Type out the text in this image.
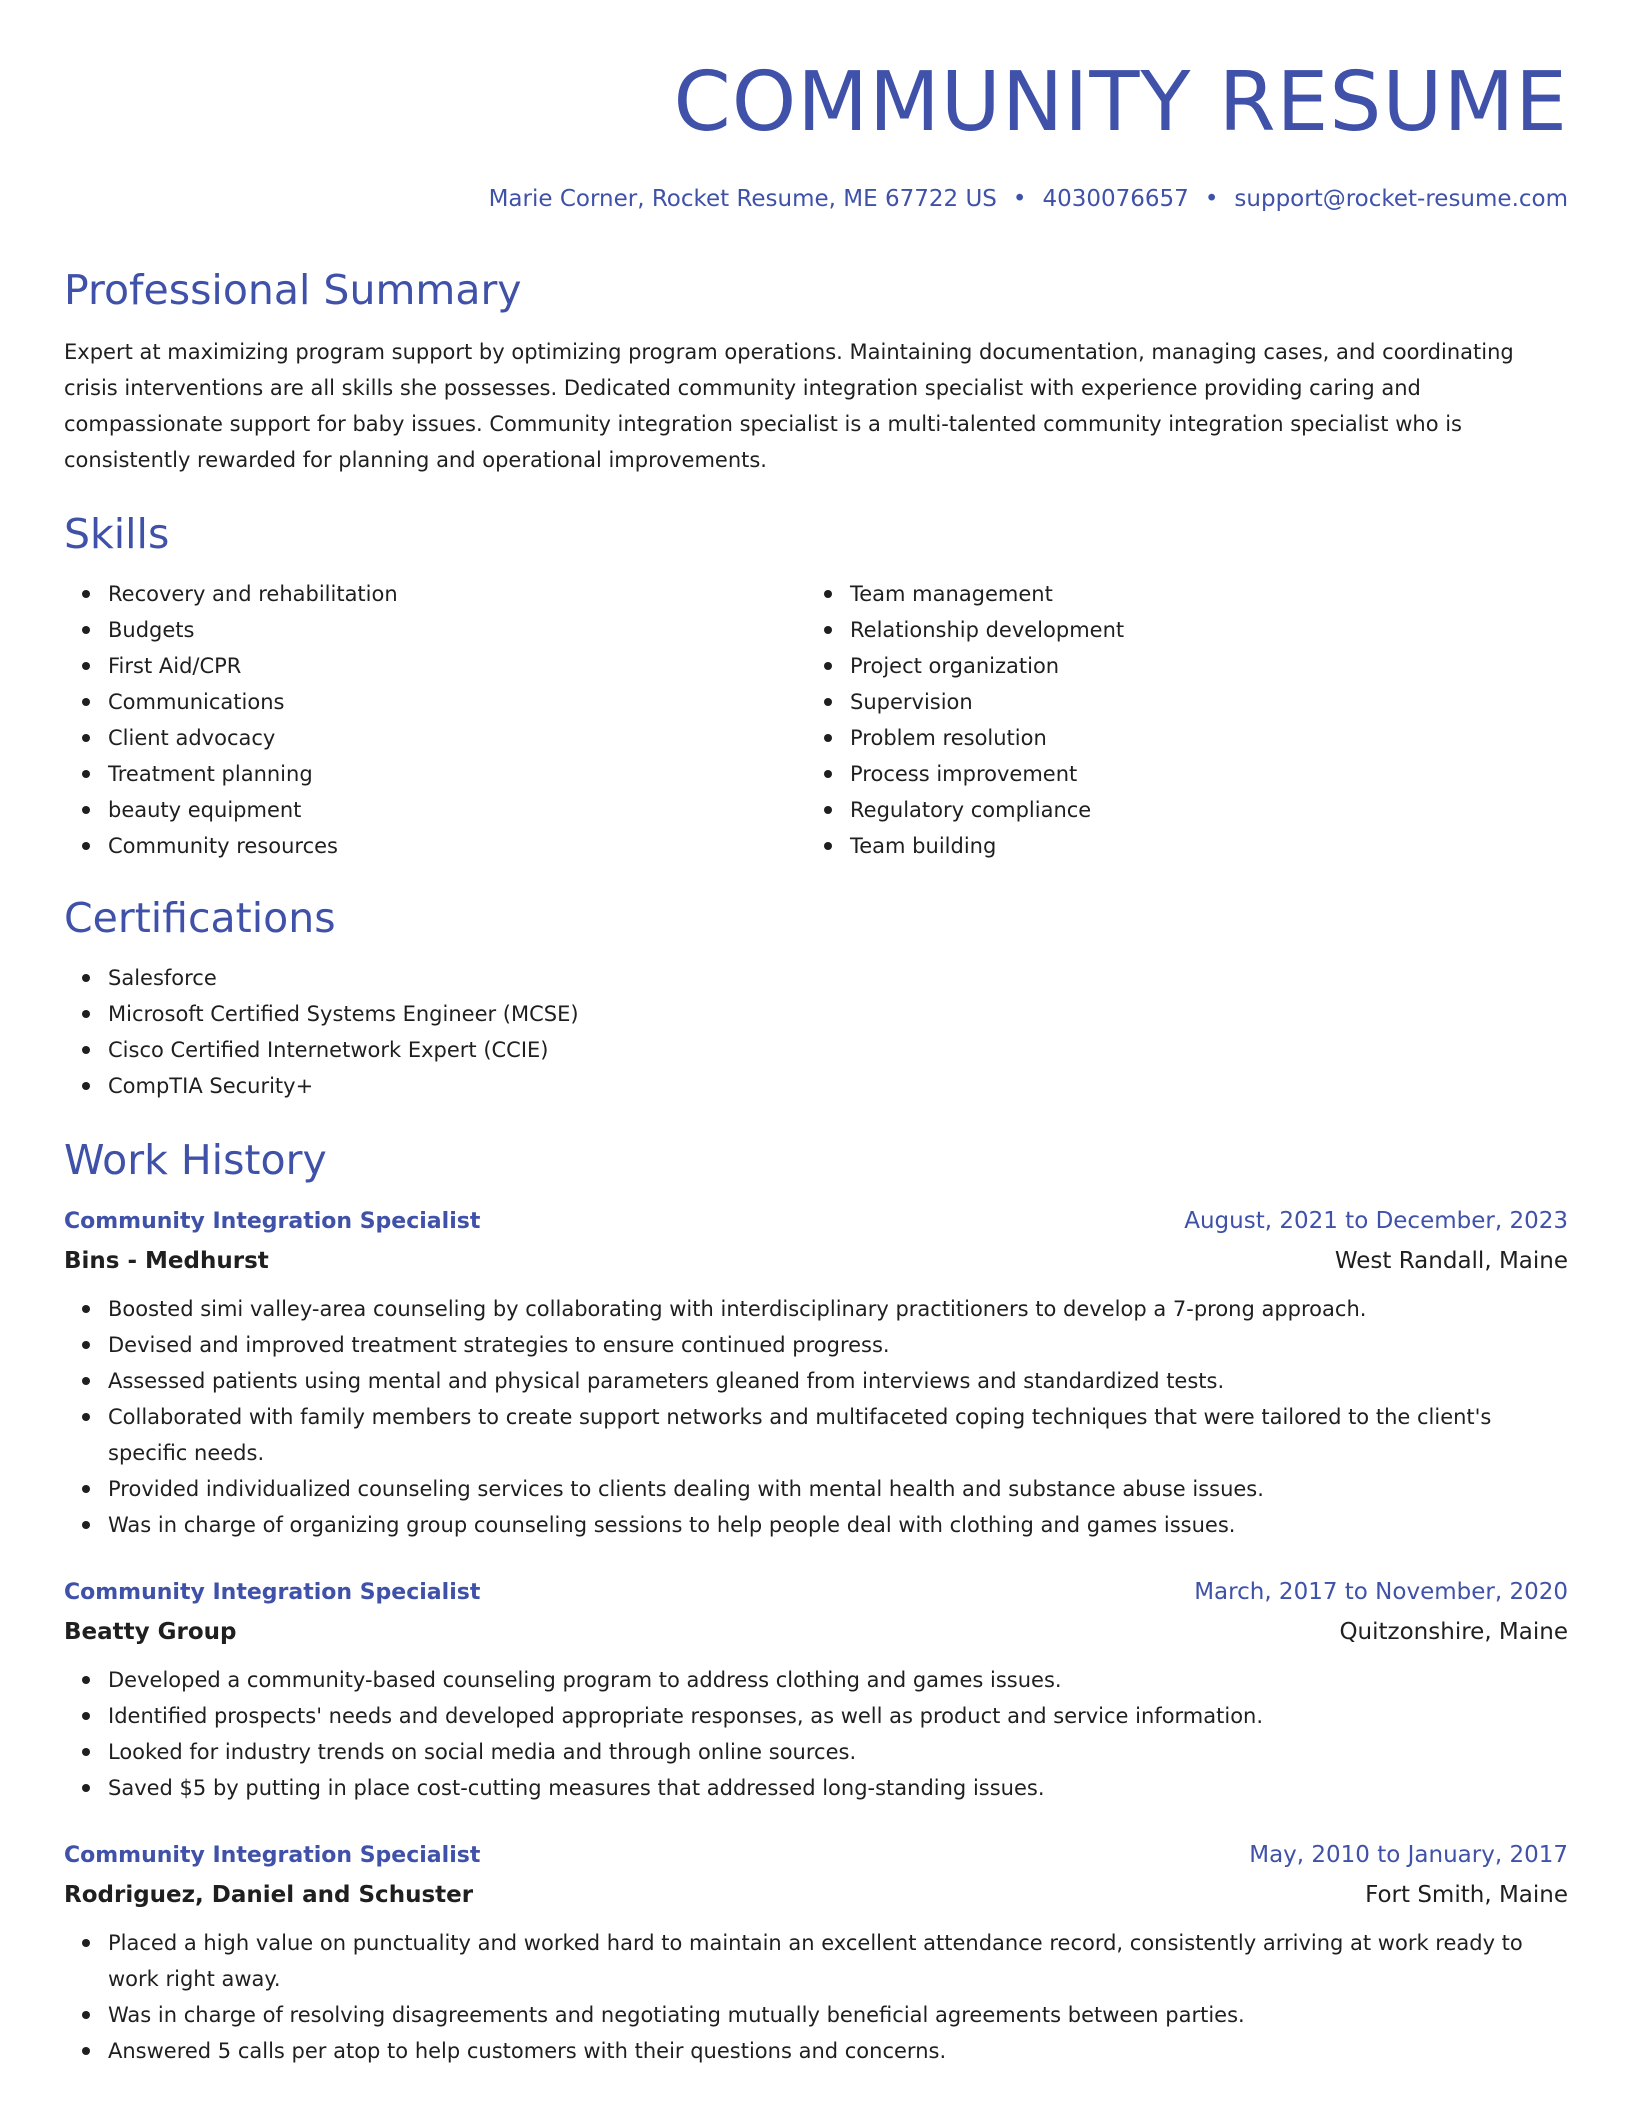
COMMUNITY RESUME
Marie Corner, Rocket Resume, ME 67722 US • 4030076657 • support@rocket-resume.com
Professional Summary
Expert at maximizing program support by optimizing program operations. Maintaining documentation, managing cases, and coordinating crisis interventions are all skills she possesses. Dedicated community integration specialist with experience providing caring and compassionate support for baby issues. Community integration specialist is a multi-talented community integration specialist who is consistently rewarded for planning and operational improvements.
Skills
Recovery and rehabilitation
Budgets
First Aid/CPR
Communications
Client advocacy
Treatment planning
beauty equipment
Community resources
Team management
Relationship development
Project organization
Supervision
Problem resolution
Process improvement
Regulatory compliance
Team building
Certifications
Salesforce
Microsoft Certified Systems Engineer (MCSE)
Cisco Certified Internetwork Expert (CCIE)
CompTIA Security+
Work History
Community Integration Specialist	August, 2021 to December, 2023
Bins - Medhurst	West Randall, Maine
Boosted simi valley-area counseling by collaborating with interdisciplinary practitioners to develop a 7-prong approach.
Devised and improved treatment strategies to ensure continued progress.
Assessed patients using mental and physical parameters gleaned from interviews and standardized tests.
Collaborated with family members to create support networks and multifaceted coping techniques that were tailored to the client's specific needs.
Provided individualized counseling services to clients dealing with mental health and substance abuse issues.
Was in charge of organizing group counseling sessions to help people deal with clothing and games issues.
Community Integration Specialist	March, 2017 to November, 2020
Beatty Group	Quitzonshire, Maine
Developed a community-based counseling program to address clothing and games issues.
Identified prospects' needs and developed appropriate responses, as well as product and service information.
Looked for industry trends on social media and through online sources.
Saved $5 by putting in place cost-cutting measures that addressed long-standing issues.
Community Integration Specialist	May, 2010 to January, 2017
Rodriguez, Daniel and Schuster	Fort Smith, Maine
Placed a high value on punctuality and worked hard to maintain an excellent attendance record, consistently arriving at work ready to work right away.
Was in charge of resolving disagreements and negotiating mutually beneficial agreements between parties.
Answered 5 calls per atop to help customers with their questions and concerns.
